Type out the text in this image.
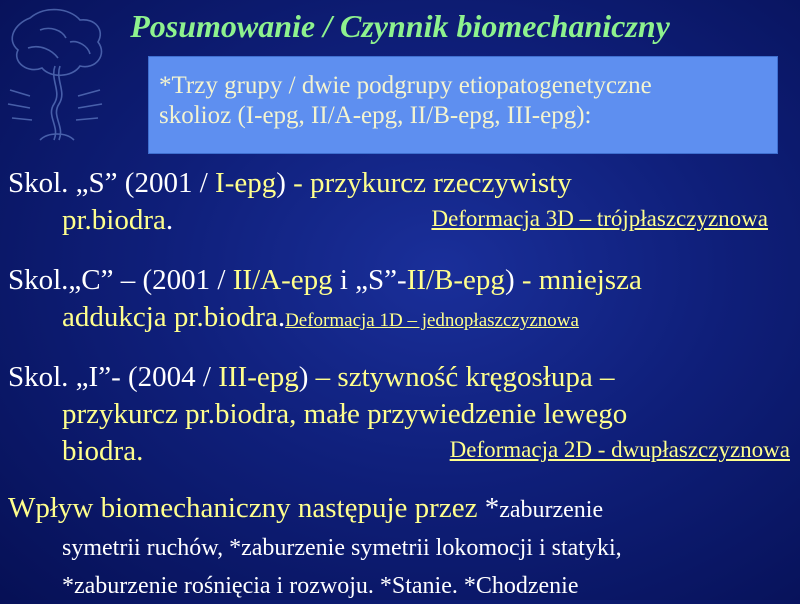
Posumowanie / Czynnik biomechaniczny
*Trzy grupy / dwie podgrupy etiopatogenetyczne
skolioz (I-epg, II/A-epg, II/B-epg, III-epg):
Skol. „S” (2001 / I-epg) - przykurcz rzeczywisty
pr.biodra.	Deformacja 3D – trójpłaszczyznowa
Skol.„C” – (2001 / II/A-epg i „S”-II/B-epg) - mniejsza
addukcja pr.biodra.Deformacja 1D – jednopłaszczyznowa
Skol. „I”- (2004 / III-epg) – sztywność kręgosłupa –
przykurcz pr.biodra, małe przywiedzenie lewego
biodra.	Deformacja 2D - dwupłaszczyznowa
Wpływ biomechaniczny następuje przez *zaburzenie
symetrii ruchów, *zaburzenie symetrii lokomocji i statyki,
*zaburzenie rośnięcia i rozwoju. *Stanie. *Chodzenie
